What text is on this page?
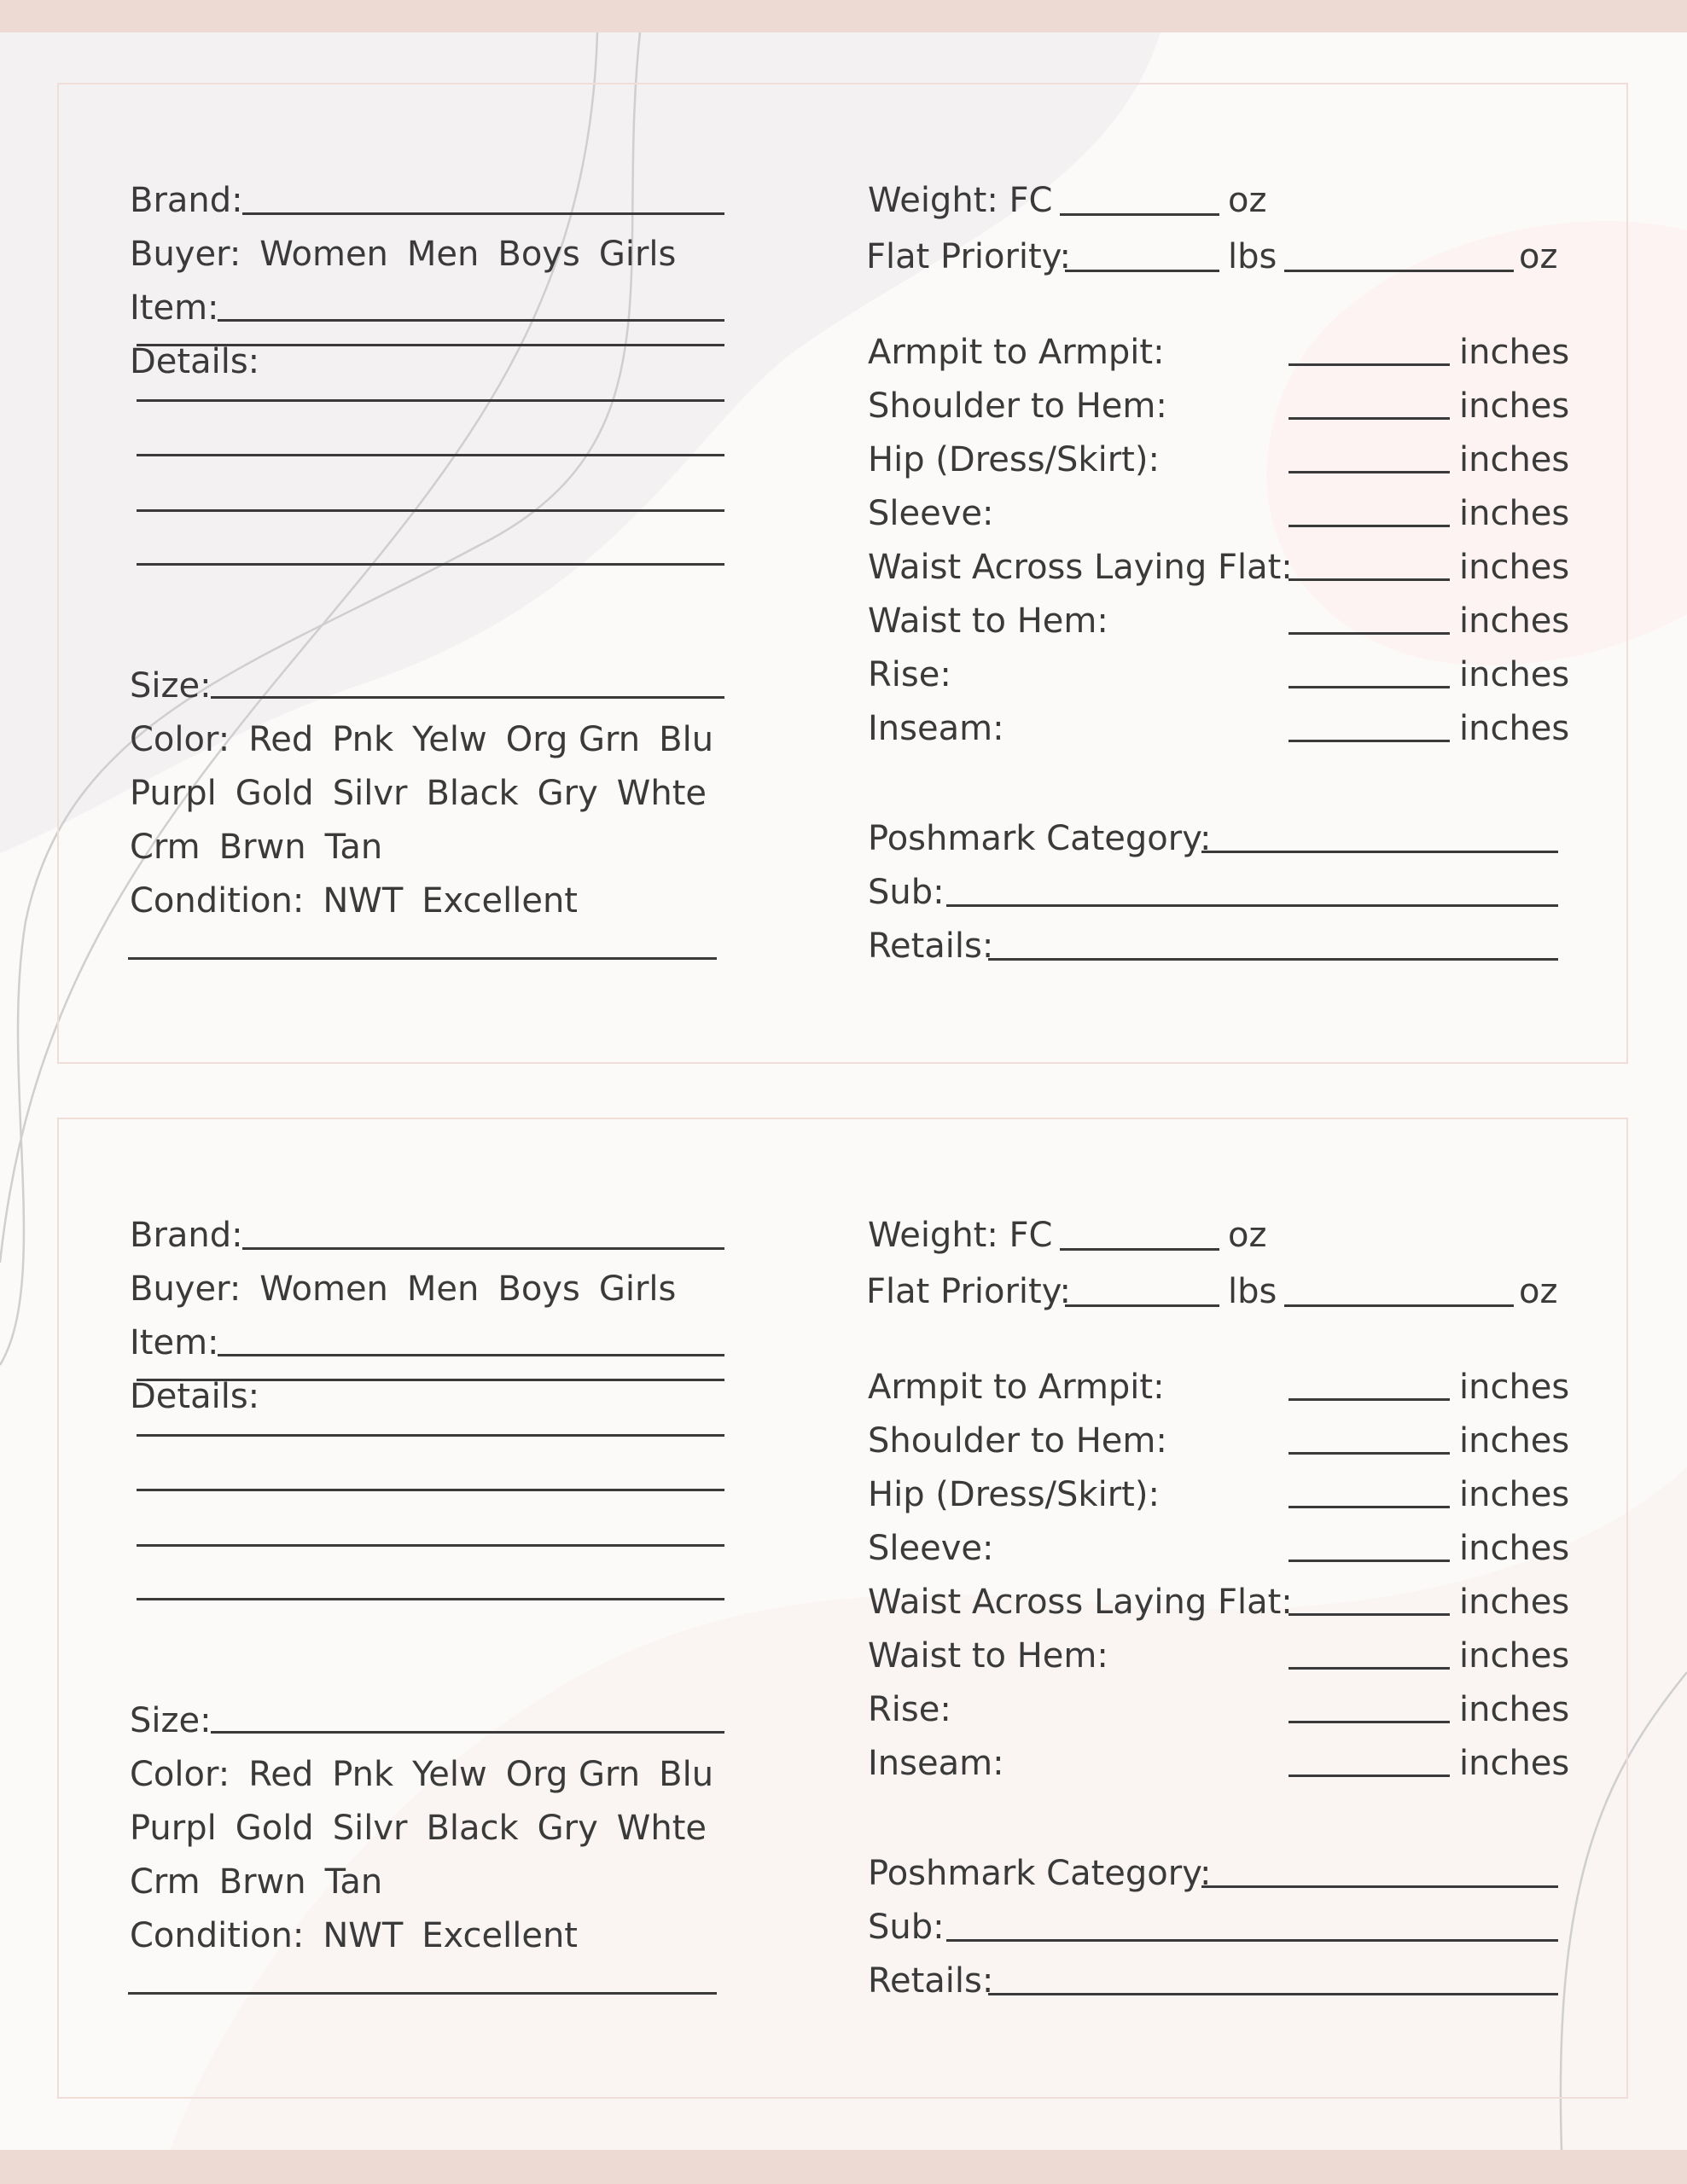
Brand:
Buyer: Women Men Boys Girls
Item:
Details:
Size:
Color: Red Pnk Yelw Org Grn Blu
Purpl Gold Silvr Black Gry Whte
Crm Brwn Tan
Condition: NWT Excellent
Weight: FC	oz
Flat Priority:	lbs	oz
Armpit to Armpit:	inches
Shoulder to Hem:	inches
Hip (Dress/Skirt):	inches
Sleeve:	inches
Waist Across Laying Flat:	inches
Waist to Hem:	inches
Rise:	inches
Inseam:	inches
Poshmark Category:
Sub:
Retails:
Brand:
Buyer: Women Men Boys Girls
Item:
Details:
Size:
Color: Red Pnk Yelw Org Grn Blu
Purpl Gold Silvr Black Gry Whte
Crm Brwn Tan
Condition: NWT Excellent
Weight: FC	oz
Flat Priority:	lbs	oz
Armpit to Armpit:	inches
Shoulder to Hem:	inches
Hip (Dress/Skirt):	inches
Sleeve:	inches
Waist Across Laying Flat:	inches
Waist to Hem:	inches
Rise:	inches
Inseam:	inches
Poshmark Category:
Sub:
Retails:
